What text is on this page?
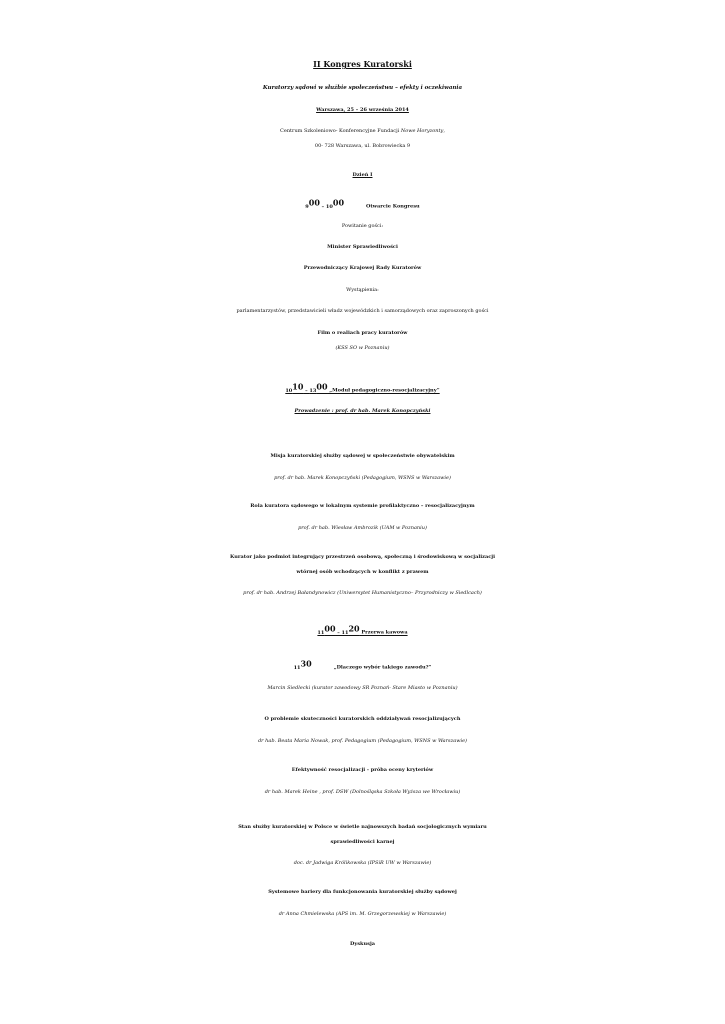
II Kongres Kuratorski
Kuratorzy sądowi w służbie społeczeństwu – efekty i oczekiwania
Warszawa, 25 – 26 września 2014
Centrum Szkoleniowo- Konferencyjne Fundacji Nowe Horyzonty,
00- 728 Warszawa, ul. Bobrowiecka 9
Dzień I
$9^{00} - 10^{00}$	Otwarcie Kongresu
Powitanie gości:
Minister Sprawiedliwości
Przewodniczący Krajowej Rady Kuratorów
Wystąpienia:
parlamentarzystów, przedstawicieli władz wojewódzkich i samorządowych oraz zaproszonych gości
Film o realiach pracy kuratorów
(KSS SO w Poznaniu)
$10^{10} - 13^{00}$ „Moduł pedagogiczno-resocjalizacyjny”
Prowadzenie : prof. dr hab. Marek Konopczyński
Misja kuratorskiej służby sądowej w społeczeństwie obywatelskim
prof. dr hab. Marek Konopczyński (Pedagogium, WSNS w Warszawie)
Rola kuratora sądowego w lokalnym systemie profilaktyczno – resocjalizacyjnym
prof. dr hab. Wiesław Ambrozik (UAM w Poznaniu)
Kurator jako podmiot integrujący przestrzeń osobową, społeczną i środowiskową w socjalizacji
wtórnej osób wchodzących w konflikt z prawem
prof. dr hab. Andrzej Bałandynowicz (Uniwersytet Humanistyczno– Przyrodniczy w Siedlcach)
$11^{00} - 11^{20}$ Przerwa kawowa
$11^{30}$	„Dlaczego wybór takiego zawodu?”
Marcin Siedlecki (kurator zawodowy SR Poznań- Stare Miasto w Poznaniu)
O problemie skuteczności kuratorskich oddziaływań resocjalizujących
dr hab. Beata Maria Nowak, prof. Pedagogium (Pedagogium, WSNS w Warszawie)
Efektywność resocjalizacji - próba oceny kryteriów
dr hab. Marek Heine , prof. DSW (Dolnośląska Szkoła Wyższa we Wrocławiu)
Stan służby kuratorskiej w Polsce w świetle najnowszych badań socjologicznych wymiaru
sprawiedliwości karnej
doc. dr Jadwiga Królikowska (IPSiR UW w Warszawie)
Systemowe bariery dla funkcjonowania kuratorskiej służby sądowej
dr Anna Chmielewska (APS im. M. Grzegorzewskiej w Warszawie)
Dyskusja
